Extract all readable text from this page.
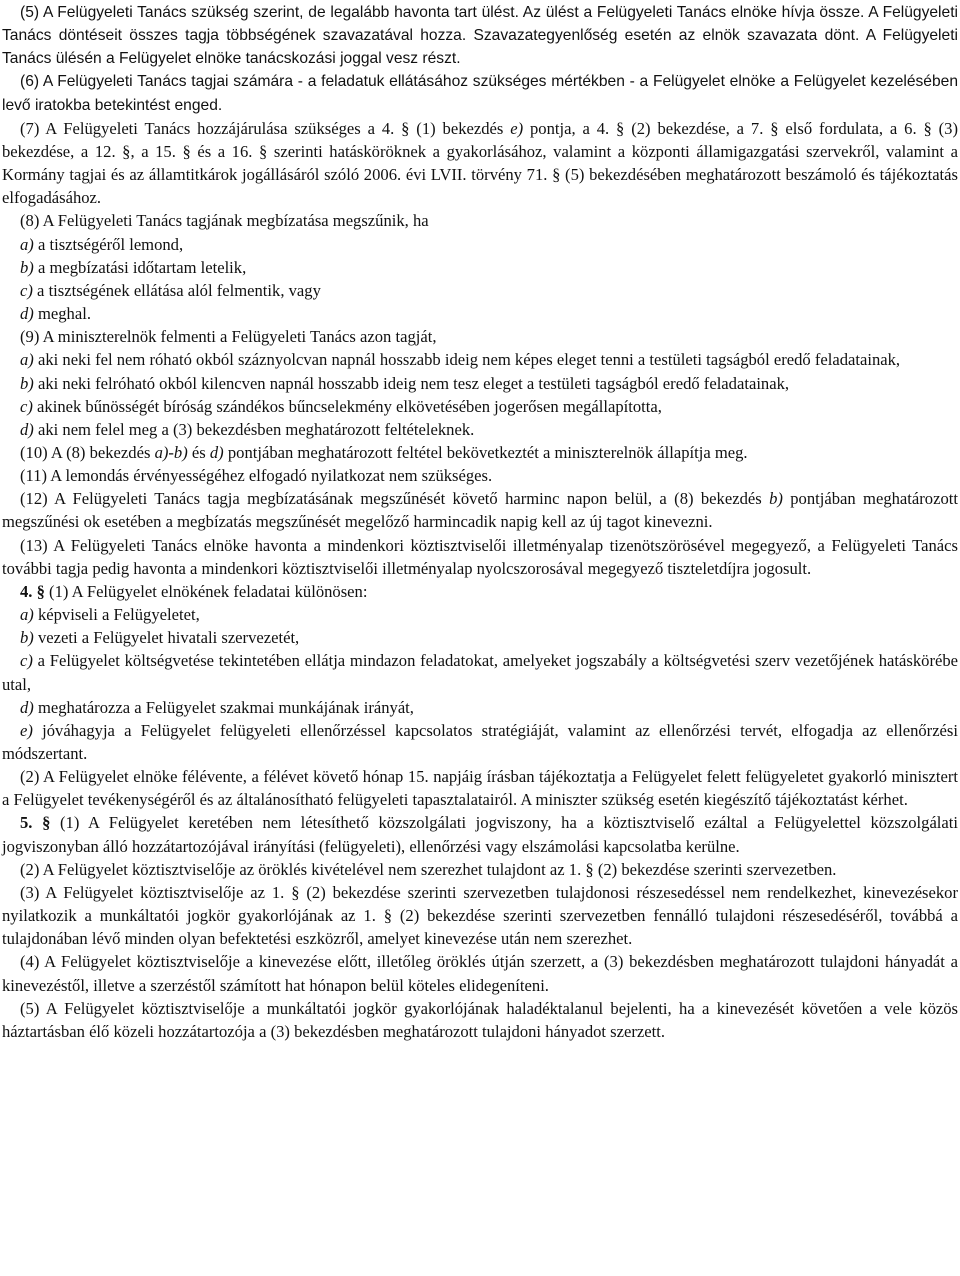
(5) A Felügyeleti Tanács szükség szerint, de legalább havonta tart ülést. Az ülést a Felügyeleti Tanács elnöke hívja össze. A Felügyeleti Tanács döntéseit összes tagja többségének szavazatával hozza. Szavazategyenlőség esetén az elnök szavazata dönt. A Felügyeleti Tanács ülésén a Felügyelet elnöke tanácskozási joggal vesz részt.

(6) A Felügyeleti Tanács tagjai számára - a feladatuk ellátásához szükséges mértékben - a Felügyelet elnöke a Felügyelet kezelésében levő iratokba betekintést enged.

(7) A Felügyeleti Tanács hozzájárulása szükséges a 4. § (1) bekezdés e) pontja, a 4. § (2) bekezdése, a 7. § első fordulata, a 6. § (3) bekezdése, a 12. §, a 15. § és a 16. § szerinti hatásköröknek a gyakorlásához, valamint a központi államigazgatási szervekről, valamint a Kormány tagjai és az államtitkárok jogállásáról szóló 2006. évi LVII. törvény 71. § (5) bekezdésében meghatározott beszámoló és tájékoztatás elfogadásához.

(8) A Felügyeleti Tanács tagjának megbízatása megszűnik, ha

a) a tisztségéről lemond,

b) a megbízatási időtartam letelik,

c) a tisztségének ellátása alól felmentik, vagy

d) meghal.

(9) A miniszterelnök felmenti a Felügyeleti Tanács azon tagját,

a) aki neki fel nem róható okból száznyolcvan napnál hosszabb ideig nem képes eleget tenni a testületi tagságból eredő feladatainak,

b) aki neki felróható okból kilencven napnál hosszabb ideig nem tesz eleget a testületi tagságból eredő feladatainak,

c) akinek bűnösségét bíróság szándékos bűncselekmény elkövetésében jogerősen megállapította,

d) aki nem felel meg a (3) bekezdésben meghatározott feltételeknek.

(10) A (8) bekezdés a)-b) és d) pontjában meghatározott feltétel bekövetkeztét a miniszterelnök állapítja meg.

(11) A lemondás érvényességéhez elfogadó nyilatkozat nem szükséges.

(12) A Felügyeleti Tanács tagja megbízatásának megszűnését követő harminc napon belül, a (8) bekezdés b) pontjában meghatározott megszűnési ok esetében a megbízatás megszűnését megelőző harmincadik napig kell az új tagot kinevezni.

(13) A Felügyeleti Tanács elnöke havonta a mindenkori köztisztviselői illetményalap tizenötszörösével megegyező, a Felügyeleti Tanács további tagja pedig havonta a mindenkori köztisztviselői illetményalap nyolcszorosával megegyező tiszteletdíjra jogosult.

4. § (1) A Felügyelet elnökének feladatai különösen:

a) képviseli a Felügyeletet,

b) vezeti a Felügyelet hivatali szervezetét,

c) a Felügyelet költségvetése tekintetében ellátja mindazon feladatokat, amelyeket jogszabály a költségvetési szerv vezetőjének hatáskörébe utal,

d) meghatározza a Felügyelet szakmai munkájának irányát,

e) jóváhagyja a Felügyelet felügyeleti ellenőrzéssel kapcsolatos stratégiáját, valamint az ellenőrzési tervét, elfogadja az ellenőrzési módszertant.

(2) A Felügyelet elnöke félévente, a félévet követő hónap 15. napjáig írásban tájékoztatja a Felügyelet felett felügyeletet gyakorló minisztert a Felügyelet tevékenységéről és az általánosítható felügyeleti tapasztalatairól. A miniszter szükség esetén kiegészítő tájékoztatást kérhet.

5. § (1) A Felügyelet keretében nem létesíthető közszolgálati jogviszony, ha a köztisztviselő ezáltal a Felügyelettel közszolgálati jogviszonyban álló hozzátartozójával irányítási (felügyeleti), ellenőrzési vagy elszámolási kapcsolatba kerülne.

(2) A Felügyelet köztisztviselője az öröklés kivételével nem szerezhet tulajdont az 1. § (2) bekezdése szerinti szervezetben.

(3) A Felügyelet köztisztviselője az 1. § (2) bekezdése szerinti szervezetben tulajdonosi részesedéssel nem rendelkezhet, kinevezésekor nyilatkozik a munkáltatói jogkör gyakorlójának az 1. § (2) bekezdése szerinti szervezetben fennálló tulajdoni részesedéséről, továbbá a tulajdonában lévő minden olyan befektetési eszközről, amelyet kinevezése után nem szerezhet.

(4) A Felügyelet köztisztviselője a kinevezése előtt, illetőleg öröklés útján szerzett, a (3) bekezdésben meghatározott tulajdoni hányadát a kinevezéstől, illetve a szerzéstől számított hat hónapon belül köteles elidegeníteni.

(5) A Felügyelet köztisztviselője a munkáltatói jogkör gyakorlójának haladéktalanul bejelenti, ha a kinevezését követően a vele közös háztartásban élő közeli hozzátartozója a (3) bekezdésben meghatározott tulajdoni hányadot szerzett.
